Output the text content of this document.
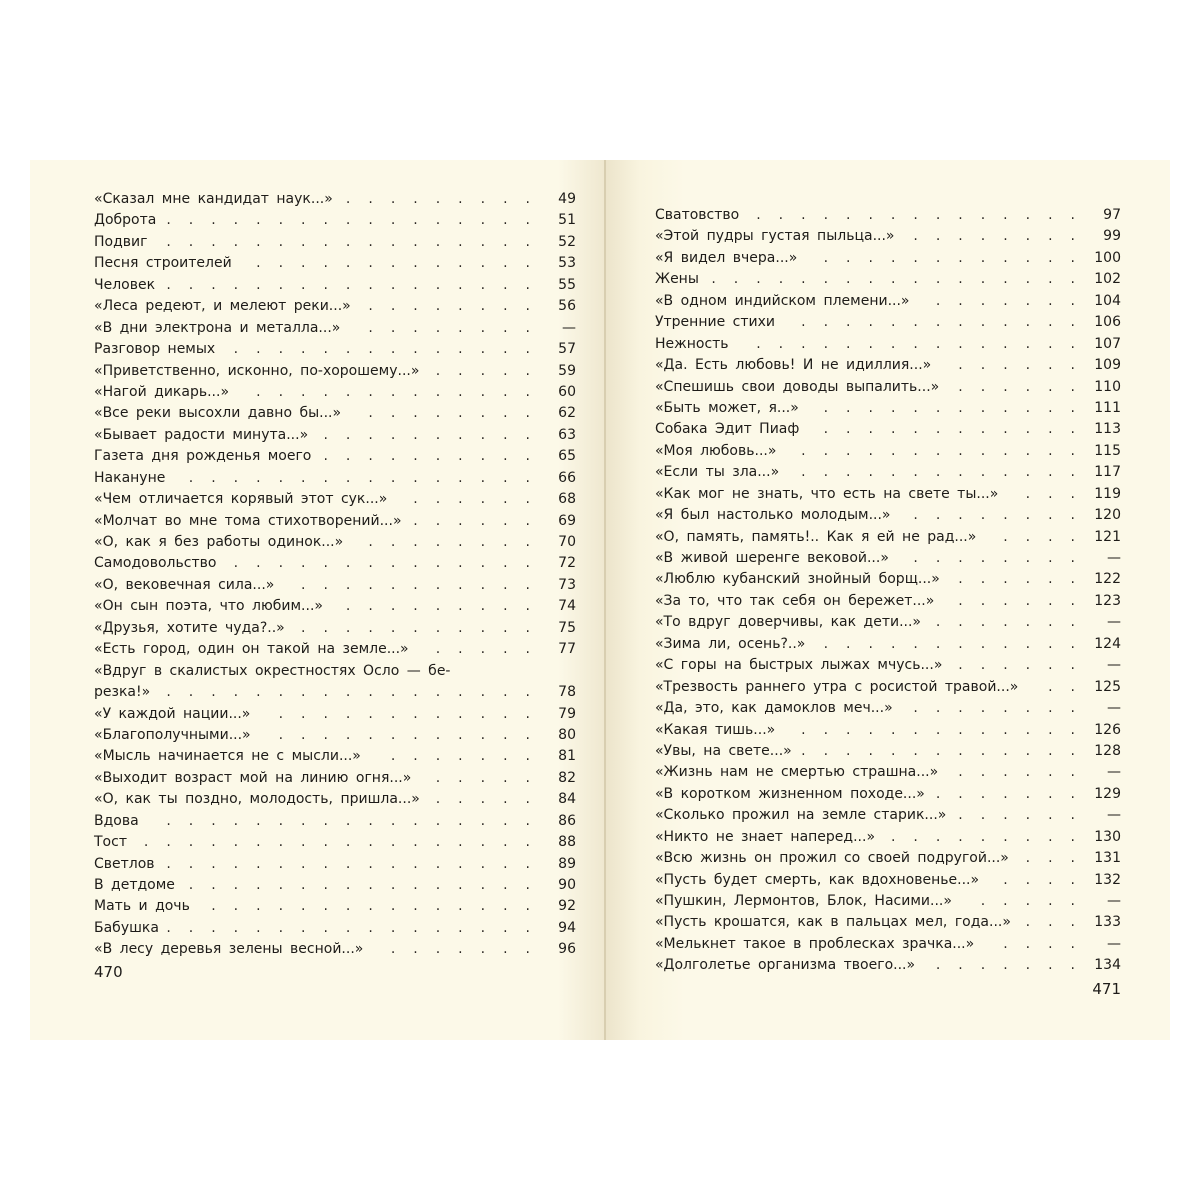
«Сказал мне кандидат наук...» ......... 49
Доброта ................. 51
Подвиг ................. 52
Песня строителей ............. 53
Человек ................. 55
«Леса редеют, и мелеют реки...» ........ 56
«В дни электрона и металла...» ........	—
Разговор немых .............. 57
«Приветственно, исконно, по-хорошему...» ..... 59
«Нагой дикарь...» ............. 60
«Все реки высохли давно бы...» ........ 62
«Бывает радости минута...» .......... 63
Газета дня рожденья моего .......... 65
Накануне ................ 66
«Чем отличается корявый этот сук...» ...... 68
«Молчат во мне тома стихотворений...» ...... 69
«О, как я без работы одинок...» ........ 70
Самодовольство .............. 72
«О, вековечная сила...» ........... 73
«Он сын поэта, что любим...» ......... 74
«Друзья, хотите чуда?..» ........... 75
«Есть город, один он такой на земле...» ..... 77
«Вдруг в скалистых окрестностях Осло — бе-
резка!» ................. 78
«У каждой нации...» ............ 79
«Благополучными...» ............ 80
«Мысль начинается не с мысли...» ....... 81
«Выходит возраст мой на линию огня...» ..... 82
«О, как ты поздно, молодость, пришла...» ..... 84
Вдова ................. 86
Тост .................. 88
Светлов ................. 89
В детдоме ................ 90
Мать и дочь ............... 92
Бабушка ................. 94
«В лесу деревья зелены весной...» ....... 96
470
Сватовство ............... 97
«Этой пудры густая пыльца...» ........ 99
«Я видел вчера...» ............ 100
Жены ................. 102
«В одном индийском племени...» ....... 104
Утренние стихи ............. 106
Нежность ............... 107
«Да. Есть любовь! И не идиллия...» ...... 109
«Спешишь свои доводы выпалить...» ...... 110
«Быть может, я...» ............ 111
Собака Эдит Пиаф ............ 113
«Моя любовь...» ............. 115
«Если ты зла...» ............. 117
«Как мог не знать, что есть на свете ты...» ... 119
«Я был настолько молодым...» ........ 120
«О, память, память!.. Как я ей не рад...» .... 121
«В живой шеренге вековой...» ........	—
«Люблю кубанский знойный борщ...» ...... 122
«За то, что так себя он бережет...» ...... 123
«То вдруг доверчивы, как дети...» .......	—
«Зима ли, осень?..» ............ 124
«С горы на быстрых лыжах мчусь...» ......	—
«Трезвость раннего утра с росистой травой...» .. 125
«Да, это, как дамоклов меч...» ........	—
«Какая тишь...» ............. 126
«Увы, на свете...» ............. 128
«Жизнь нам не смертью страшна...» ......	—
«В коротком жизненном походе...» ....... 129
«Сколько прожил на земле старик...» ......	—
«Никто не знает наперед...» ......... 130
«Всю жизнь он прожил со своей подругой...» ... 131
«Пусть будет смерть, как вдохновенье...» .... 132
«Пушкин, Лермонтов, Блок, Насими...» .....	—
«Пусть крошатся, как в пальцах мел, года...» ... 133
«Мелькнет такое в проблесках зрачка...» ....	—
«Долголетье организма твоего...» ....... 134
471
